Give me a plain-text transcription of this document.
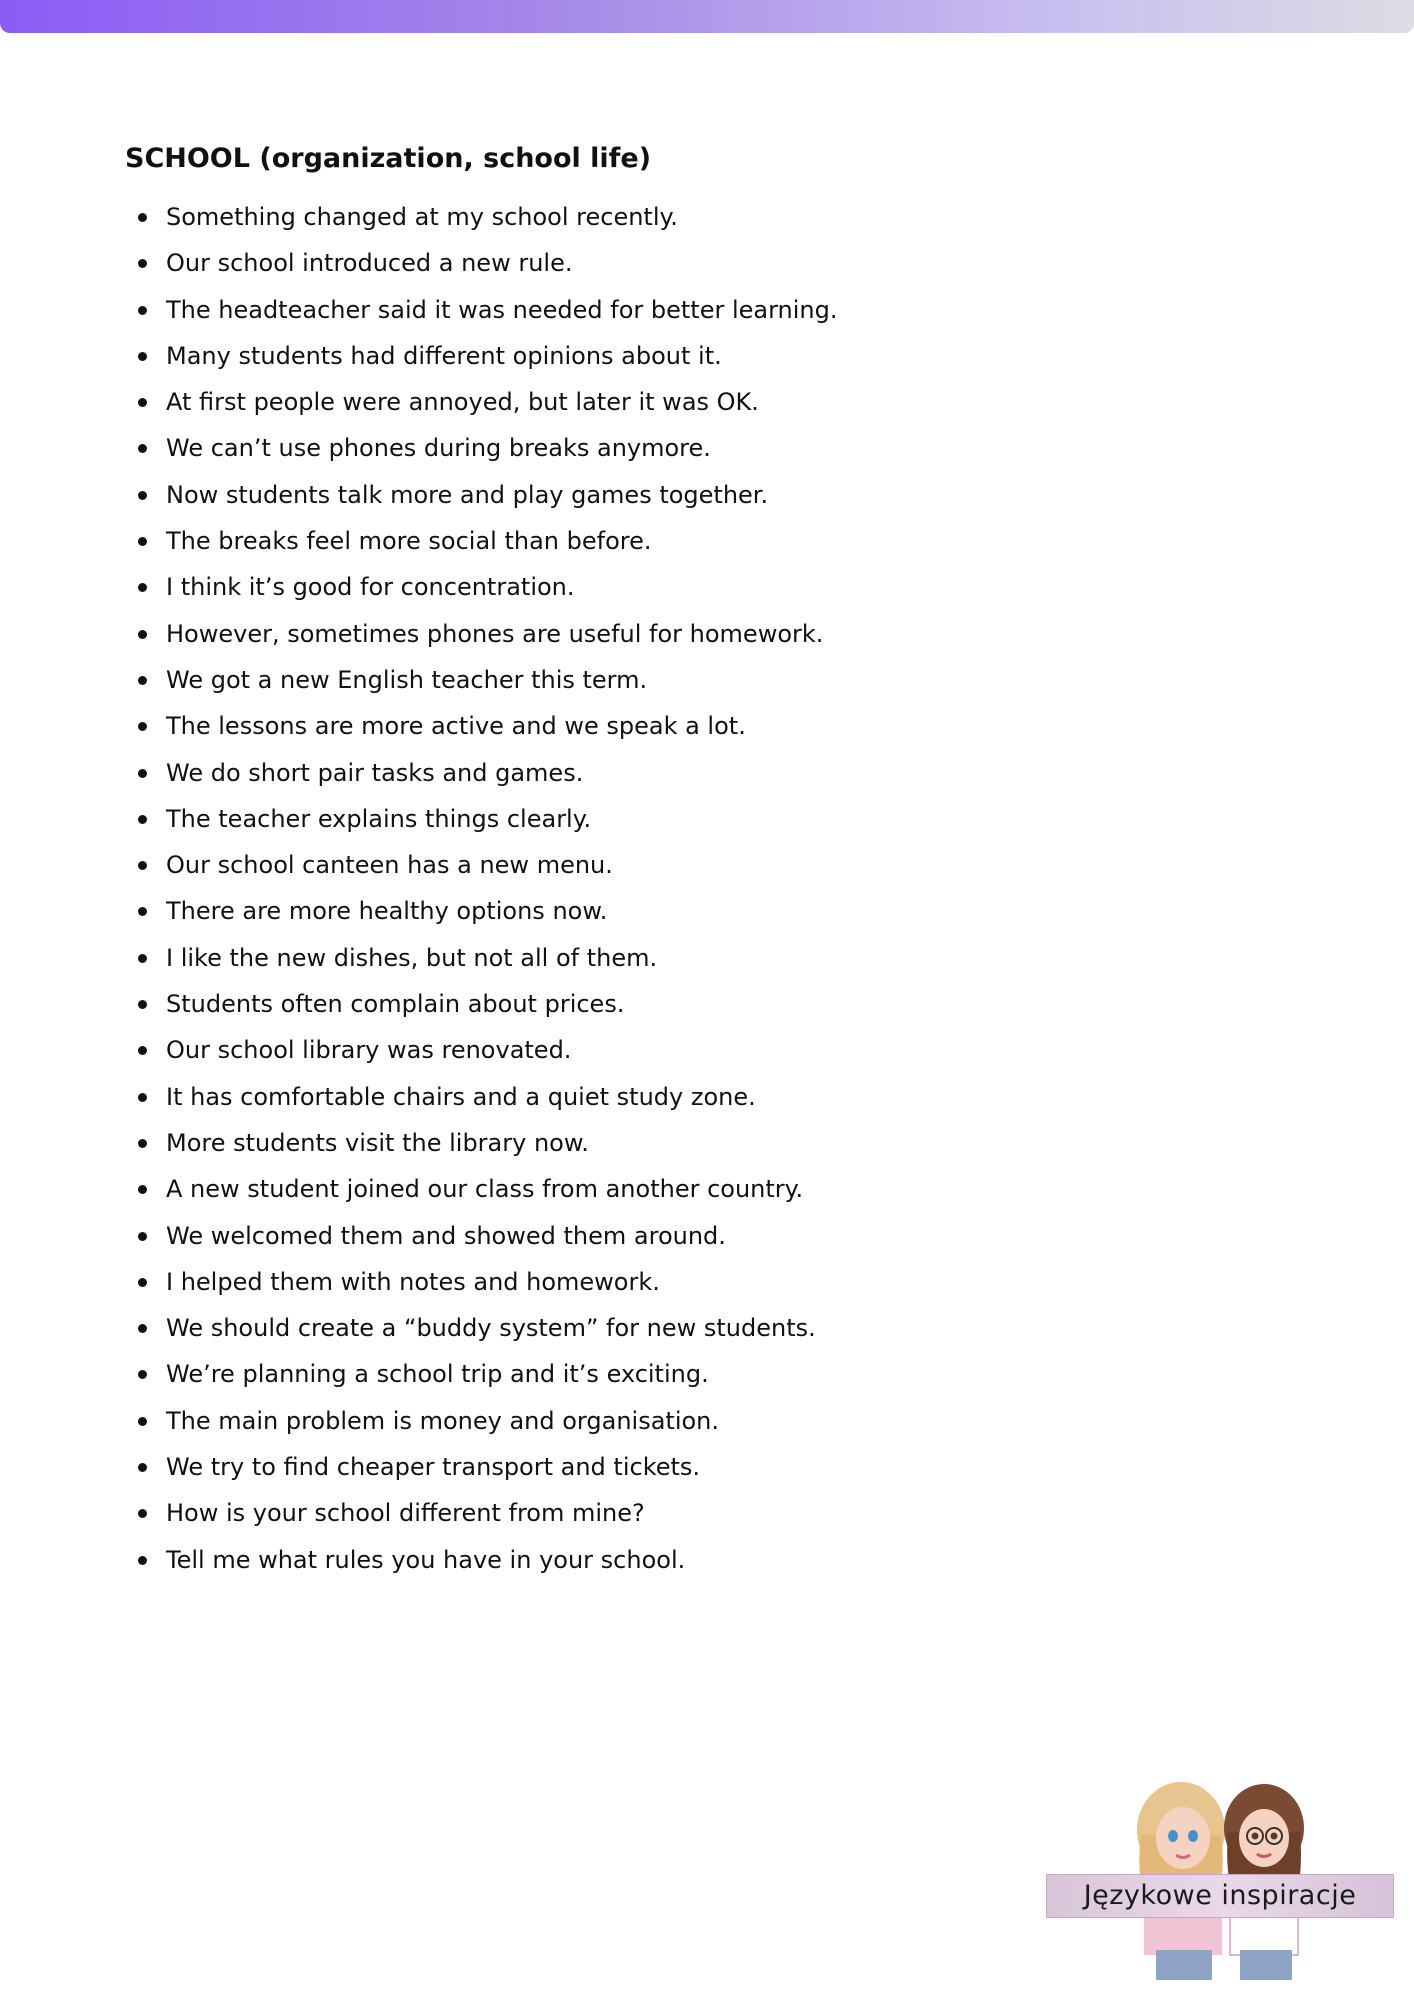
SCHOOL (organization, school life)
Something changed at my school recently.
Our school introduced a new rule.
The headteacher said it was needed for better learning.
Many students had different opinions about it.
At first people were annoyed, but later it was OK.
We can’t use phones during breaks anymore.
Now students talk more and play games together.
The breaks feel more social than before.
I think it’s good for concentration.
However, sometimes phones are useful for homework.
We got a new English teacher this term.
The lessons are more active and we speak a lot.
We do short pair tasks and games.
The teacher explains things clearly.
Our school canteen has a new menu.
There are more healthy options now.
I like the new dishes, but not all of them.
Students often complain about prices.
Our school library was renovated.
It has comfortable chairs and a quiet study zone.
More students visit the library now.
A new student joined our class from another country.
We welcomed them and showed them around.
I helped them with notes and homework.
We should create a “buddy system” for new students.
We’re planning a school trip and it’s exciting.
The main problem is money and organisation.
We try to find cheaper transport and tickets.
How is your school different from mine?
Tell me what rules you have in your school.
Językowe inspiracje
